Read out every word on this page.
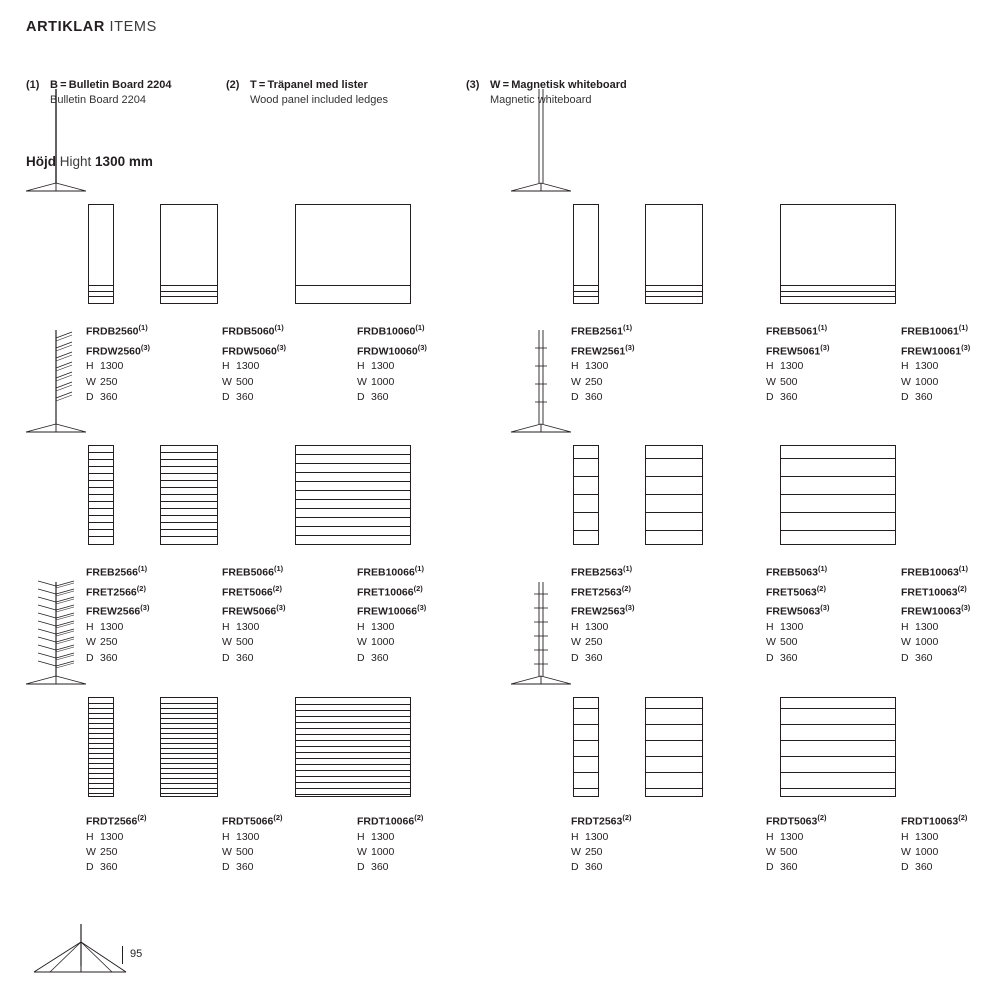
ARTIKLAR ITEMS
(1) B = Bulletin Board 2204
Bulletin Board 2204
(2) T = Träpanel med lister
Wood panel included ledges
(3) W = Magnetisk whiteboard
Magnetic whiteboard
Höjd Hight 1300 mm
FRDB2560$^{(1)}$
FRDW2560$^{(3)}$
H 1300
W 250
D 360
FRDB5060$^{(1)}$
FRDW5060$^{(3)}$
H 1300
W 500
D 360
FRDB10060$^{(1)}$
FRDW10060$^{(3)}$
H 1300
W 1000
D 360
FREB2561$^{(1)}$
FREW2561$^{(3)}$
H 1300
W 250
D 360
FREB5061$^{(1)}$
FREW5061$^{(3)}$
H 1300
W 500
D 360
FREB10061$^{(1)}$
FREW10061$^{(3)}$
H 1300
W 1000
D 360
FREB2566$^{(1)}$
FRET2566$^{(2)}$
FREW2566$^{(3)}$
H 1300
W 250
D 360
FREB5066$^{(1)}$
FRET5066$^{(2)}$
FREW5066$^{(3)}$
H 1300
W 500
D 360
FREB10066$^{(1)}$
FRET10066$^{(2)}$
FREW10066$^{(3)}$
H 1300
W 1000
D 360
FREB2563$^{(1)}$
FRET2563$^{(2)}$
FREW2563$^{(3)}$
H 1300
W 250
D 360
FREB5063$^{(1)}$
FRET5063$^{(2)}$
FREW5063$^{(3)}$
H 1300
W 500
D 360
FREB10063$^{(1)}$
FRET10063$^{(2)}$
FREW10063$^{(3)}$
H 1300
W 1000
D 360
FRDT2566$^{(2)}$
H 1300
W 250
D 360
FRDT5066$^{(2)}$
H 1300
W 500
D 360
FRDT10066$^{(2)}$
H 1300
W 1000
D 360
FRDT2563$^{(2)}$
H 1300
W 250
D 360
FRDT5063$^{(2)}$
H 1300
W 500
D 360
FRDT10063$^{(2)}$
H 1300
W 1000
D 360
95
